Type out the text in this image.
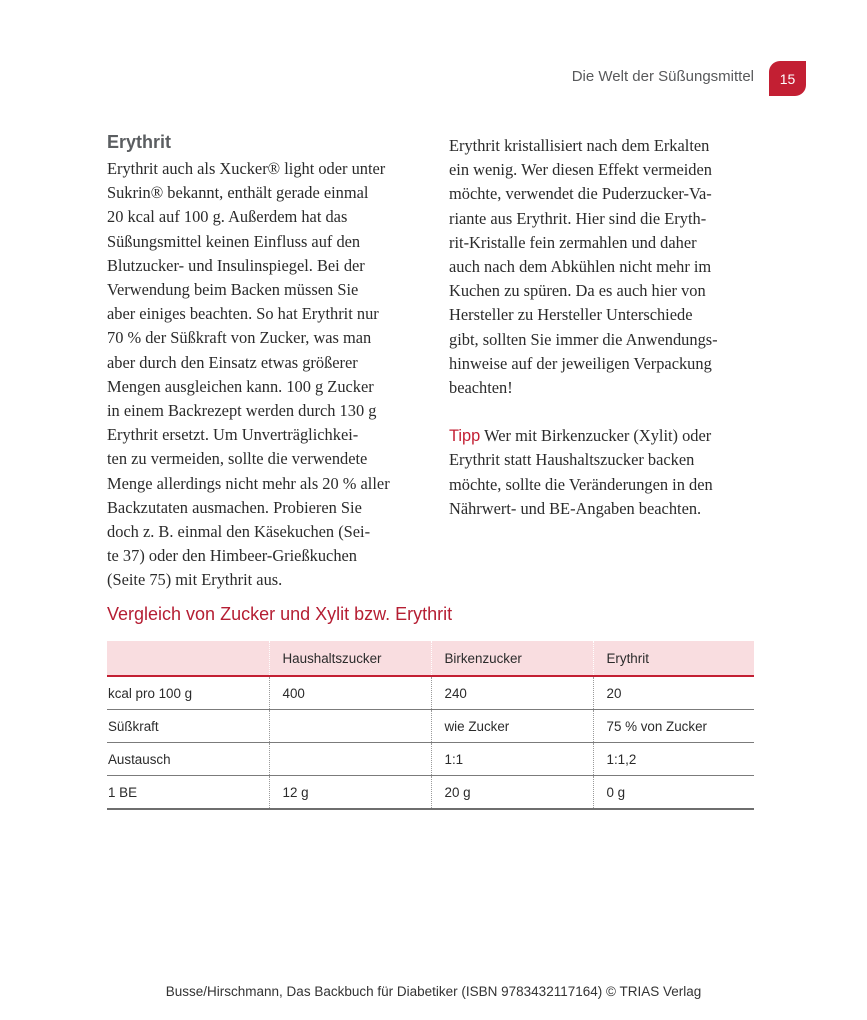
Die Welt der Süßungsmittel	15
Erythrit

Erythrit auch als Xucker® light oder unter
Sukrin® bekannt, enthält gerade einmal
20 kcal auf 100 g. Außerdem hat das
Süßungsmittel keinen Einfluss auf den
Blutzucker- und Insulinspiegel. Bei der
Verwendung beim Backen müssen Sie
aber einiges beachten. So hat Erythrit nur
70 % der Süßkraft von Zucker, was man
aber durch den Einsatz etwas größerer
Mengen ausgleichen kann. 100 g Zucker
in einem Backrezept werden durch 130 g
Erythrit ersetzt. Um Unverträglichkei-
ten zu vermeiden, sollte die verwendete
Menge allerdings nicht mehr als 20 % aller
Backzutaten ausmachen. Probieren Sie
doch z. B. einmal den Käsekuchen (Sei-
te 37) oder den Himbeer-Grießkuchen
(Seite 75) mit Erythrit aus.

Erythrit kristallisiert nach dem Erkalten
ein wenig. Wer diesen Effekt vermeiden
möchte, verwendet die Puderzucker-Va-
riante aus Erythrit. Hier sind die Eryth-
rit-Kristalle fein zermahlen und daher
auch nach dem Abkühlen nicht mehr im
Kuchen zu spüren. Da es auch hier von
Hersteller zu Hersteller Unterschiede
gibt, sollten Sie immer die Anwendungs-
hinweise auf der jeweiligen Verpackung
beachten!

Tipp Wer mit Birkenzucker (Xylit) oder
Erythrit statt Haushaltszucker backen
möchte, sollte die Veränderungen in den
Nährwert- und BE-Angaben beachten.

Vergleich von Zucker und Xylit bzw. Erythrit
	Haushaltszucker	Birkenzucker	Erythrit
kcal pro 100 g	400	240	20
Süßkraft		wie Zucker	75 % von Zucker
Austausch		1:1	1:1,2
1 BE	12 g	20 g	0 g
Busse/Hirschmann, Das Backbuch für Diabetiker (ISBN 9783432117164) © TRIAS Verlag
